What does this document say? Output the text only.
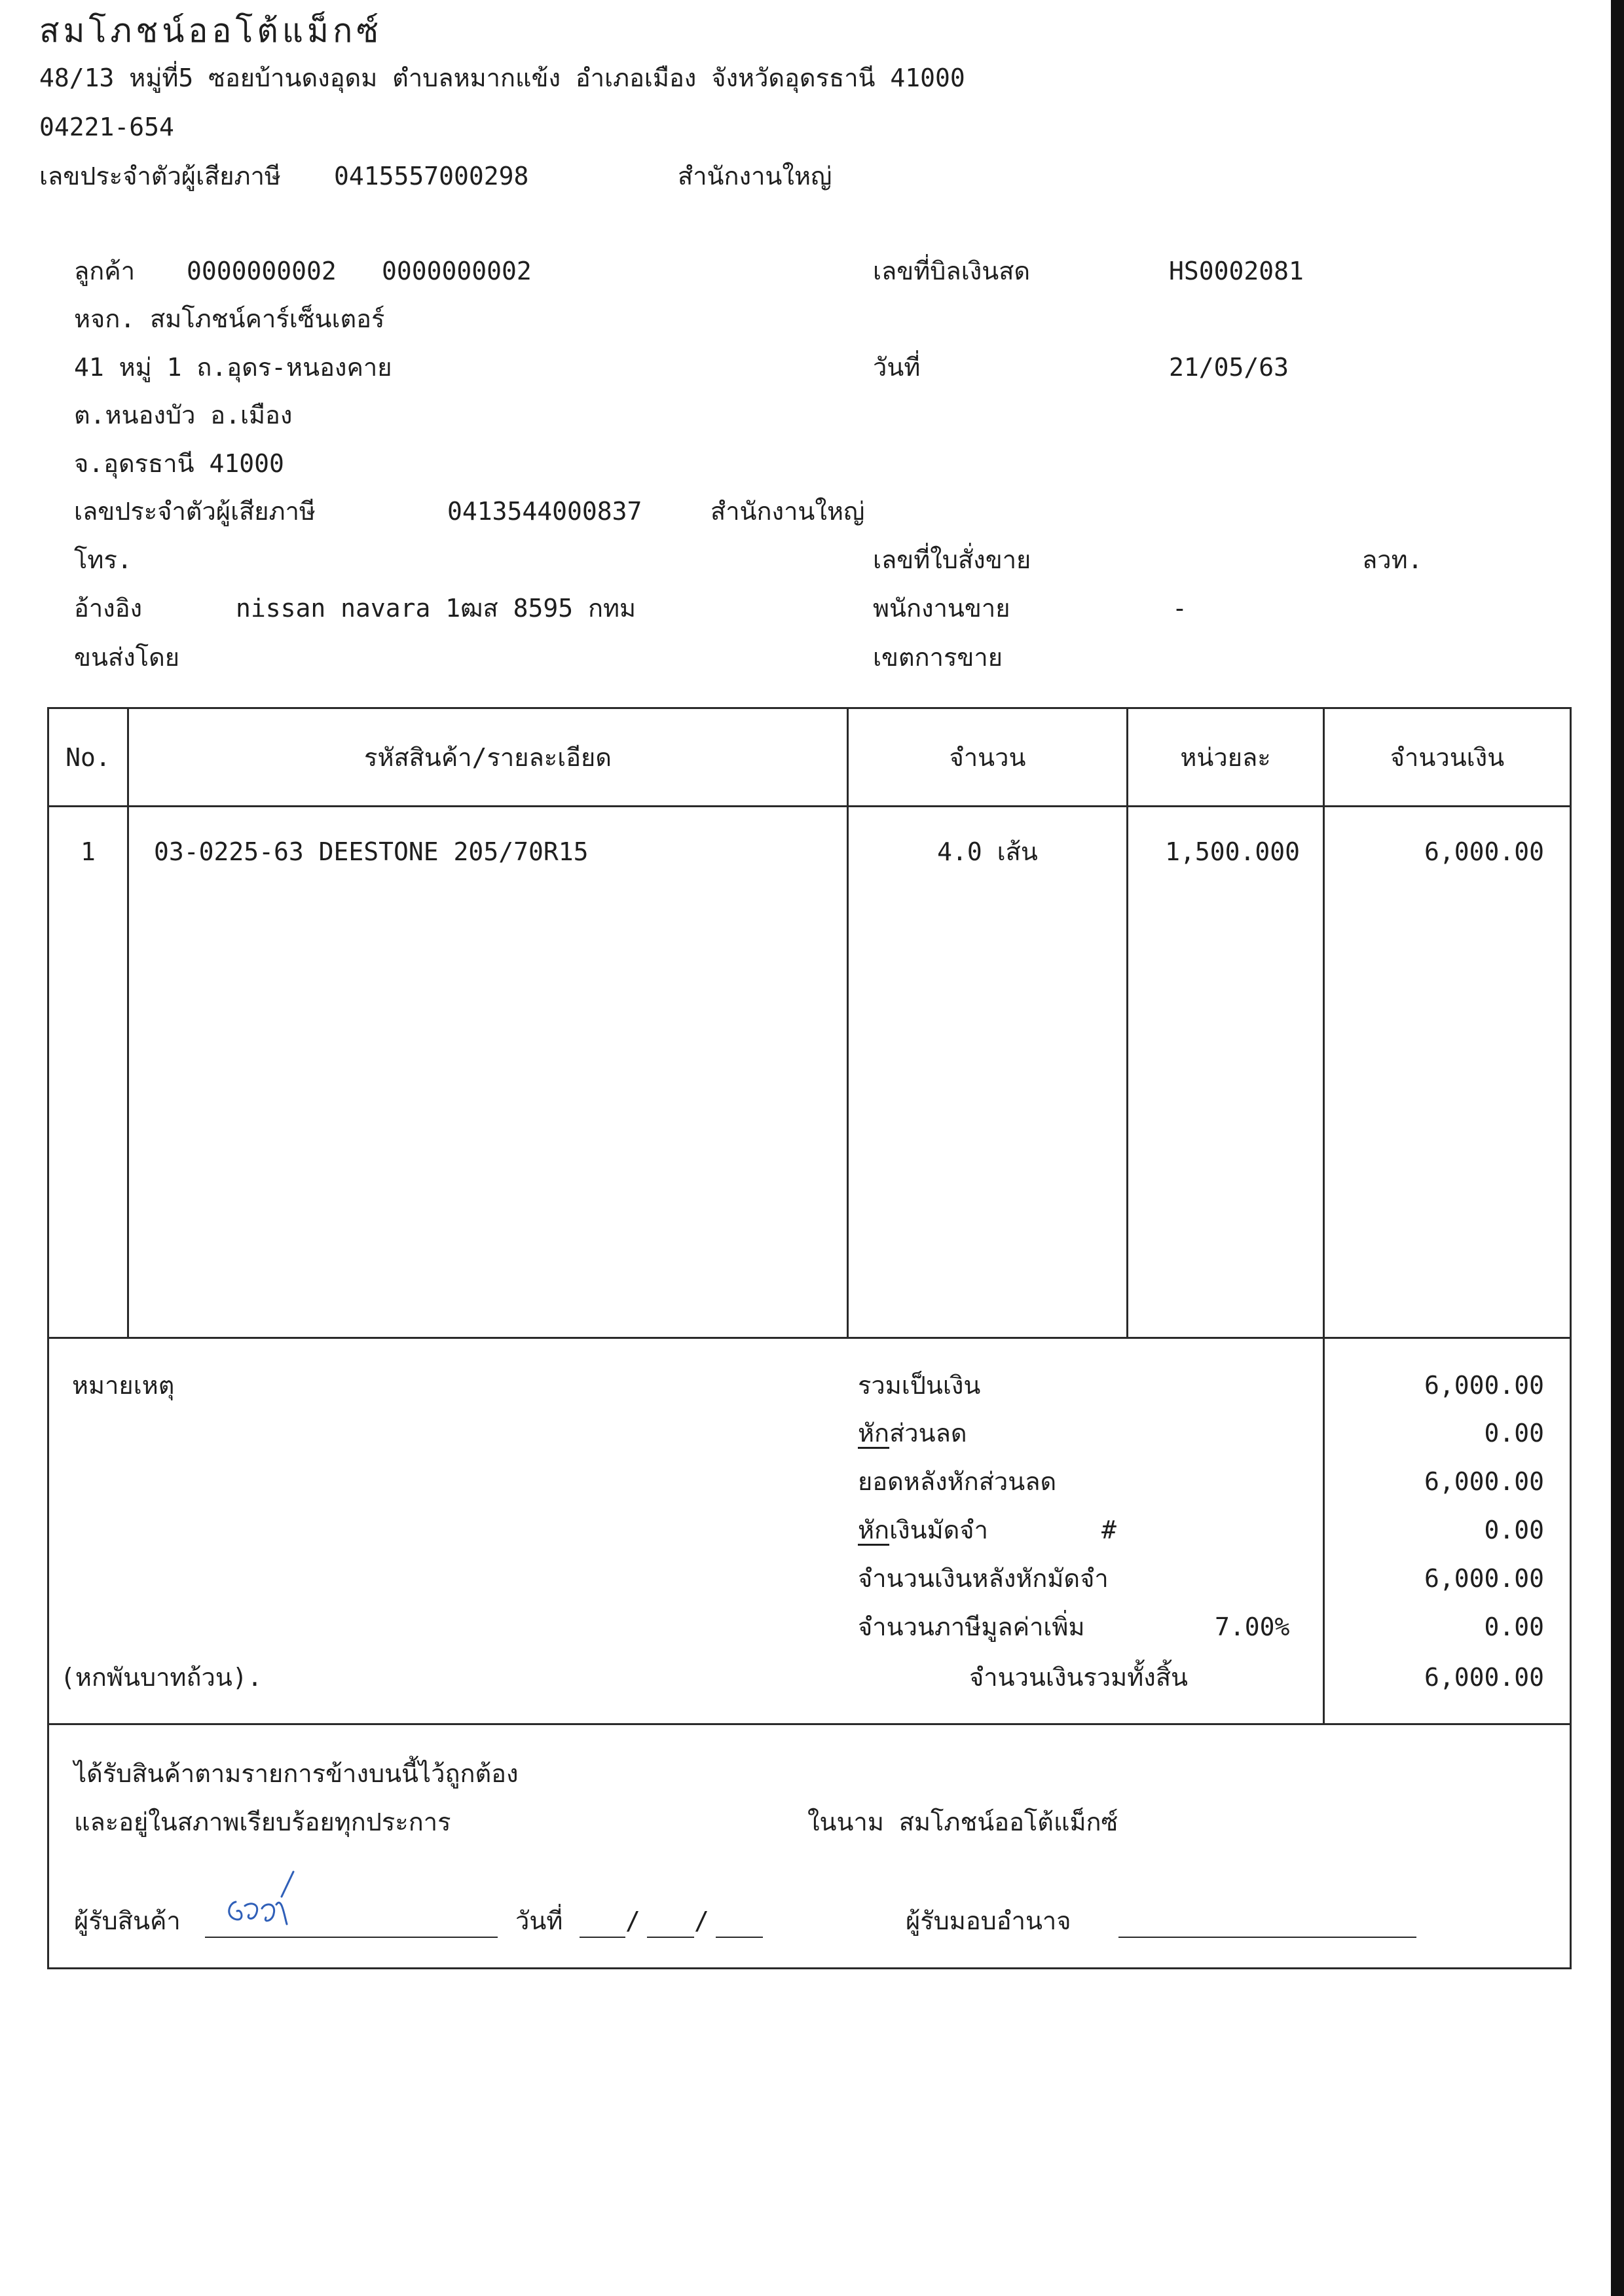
สมโภชน์ออโต้แม็กซ์
48/13 หมู่ที่5 ซอยบ้านดงอุดม ตำบลหมากแข้ง อำเภอเมือง จังหวัดอุดรธานี 41000
04221-654
เลขประจำตัวผู้เสียภาษี 0415557000298	สำนักงานใหญ่
ลูกค้า 0000000002 0000000002
หจก. สมโภชน์คาร์เซ็นเตอร์
41 หมู่ 1 ถ.อุดร-หนองคาย
ต.หนองบัว อ.เมือง
จ.อุดรธานี 41000
เลขประจำตัวผู้เสียภาษี	0413544000837	สำนักงานใหญ่
โทร.
อ้างอิง	nissan navara 1ฒส 8595 กทม
ขนส่งโดย
เลขที่บิลเงินสด	HS0002081
วันที่	21/05/63
เลขที่ใบสั่งขาย	ลวท.
พนักงานขาย	-
เขตการขาย
No.	รหัสสินค้า/รายละเอียด	จำนวน	หน่วยละ	จำนวนเงิน
1	03-0225-63 DEESTONE 205/70R15	4.0 เส้น	1,500.000	6,000.00
หมายเหตุ
(หกพันบาทถ้วน).
รวมเป็นเงิน	6,000.00
หักส่วนลด	0.00
ยอดหลังหักส่วนลด	6,000.00
หักเงินมัดจำ	#	0.00
จำนวนเงินหลังหักมัดจำ	6,000.00
จำนวนภาษีมูลค่าเพิ่ม	7.00%	0.00
จำนวนเงินรวมทั้งสิ้น	6,000.00
ได้รับสินค้าตามรายการข้างบนนี้ไว้ถูกต้อง
และอยู่ในสภาพเรียบร้อยทุกประการ	ในนาม สมโภชน์ออโต้แม็กซ์
ผู้รับสินค้า	วันที่	/ /	ผู้รับมอบอำนาจ
